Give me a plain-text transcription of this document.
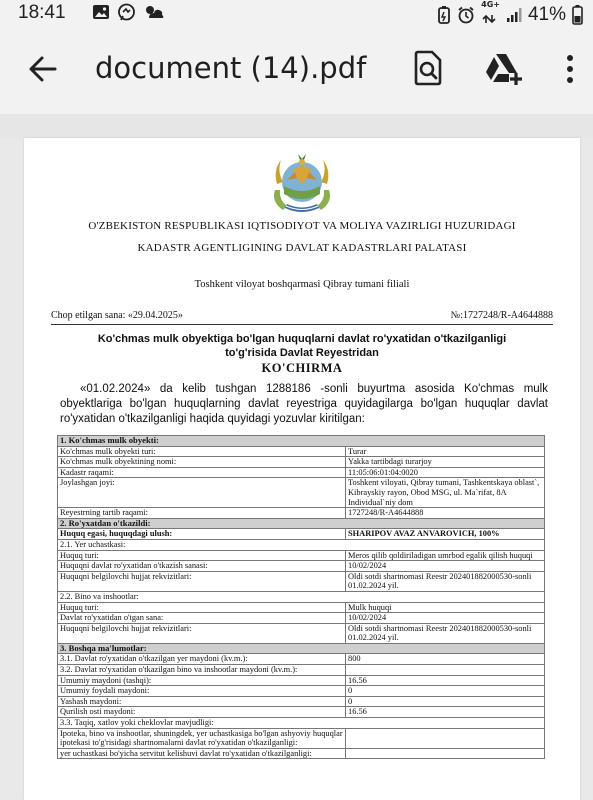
18:41	4G+ 41%
document (14).pdf
O'ZBEKISTON RESPUBLIKASI IQTISODIYOT VA MOLIYA VAZIRLIGI HUZURIDAGI
KADASTR AGENTLIGINING DAVLAT KADASTRLARI PALATASI
Toshkent viloyat boshqarmasi Qibray tumani filiali
Chop etilgan sana: «29.04.2025»	№:1727248/R-A4644888
Ko'chmas mulk obyektiga bo'lgan huquqlarni davlat ro'yxatidan o'tkazilganligi to'g'risida Davlat Reyestridan
KO'CHIRMA
«01.02.2024» da kelib tushgan 1288186 -sonli buyurtma asosida Ko'chmas mulk obyektlariga bo'lgan huquqlarning davlat reyestriga quyidagilarga bo'lgan huquqlar davlat ro'yxatidan o'tkazilganligi haqida quyidagi yozuvlar kiritilgan:
1. Ko'chmas mulk obyekti:	
Ko'chmas mulk obyekti turi:	Turar
Ko'chmas mulk obyektining nomi:	Yakka tartibdagi turarjoy
Kadastr raqami:	11:05:06:01:04:0020
Joylashgan joyi:	Toshkent viloyati, Qibray tumani, Tashkentskaya oblast`, Kibrayskiy rayon, Obod MSG, ul. Ma`rifat, 8A Individual`niy dom
Reyestrning tartib raqami:	1727248/R-A4644888
2. Ro'yxatdan o'tkazildi:	
Huquq egasi, huquqdagi ulush:	SHARIPOV AVAZ ANVAROVICH, 100%
2.1. Yer uchastkasi:	
Huquq turi:	Meros qilib qoldiriladigan umrbod egalik qilish huquqi
Huquqni davlat ro'yxatidan o'tkazish sanasi:	10/02/2024
Huquqni belgilovchi hujjat rekvizitlari:	Oldi sotdi shartnomasi Reestr 202401882000530-sonli 01.02.2024 yil.
2.2. Bino va inshootlar:	
Huquq turi:	Mulk huquqi
Davlat ro'yxatidan o'tgan sana:	10/02/2024
Huquqni belgilovchi hujjat rekvizitlari:	Oldi sotdi shartnomasi Reestr 202401882000530-sonli 01.02.2024 yil.
3. Boshqa ma'lumotlar:	
3.1. Davlat ro'yxatidan o'tkazilgan yer maydoni (kv.m.):	800
3.2. Davlat ro'yxatidan o'tkazilgan bino va inshootlar maydoni (kv.m.):	
Umumiy maydoni (tashqi):	16.56
Umumiy foydali maydoni:	0
Yashash maydoni:	0
Qurilish osti maydoni:	16.56
3.3. Taqiq, xatlov yoki cheklovlar mavjudligi:	
Ipoteka, bino va inshootlar, shuningdek, yer uchastkasiga bo'lgan ashyoviy huquqlar ipotekasi to'g'risidagi shartnomalarni davlat ro'yxatidan o'tkazilganligi:	
yer uchastkasi bo'yicha servitut kelishuvi davlat ro'yxatidan o'tkazilganligi:	
